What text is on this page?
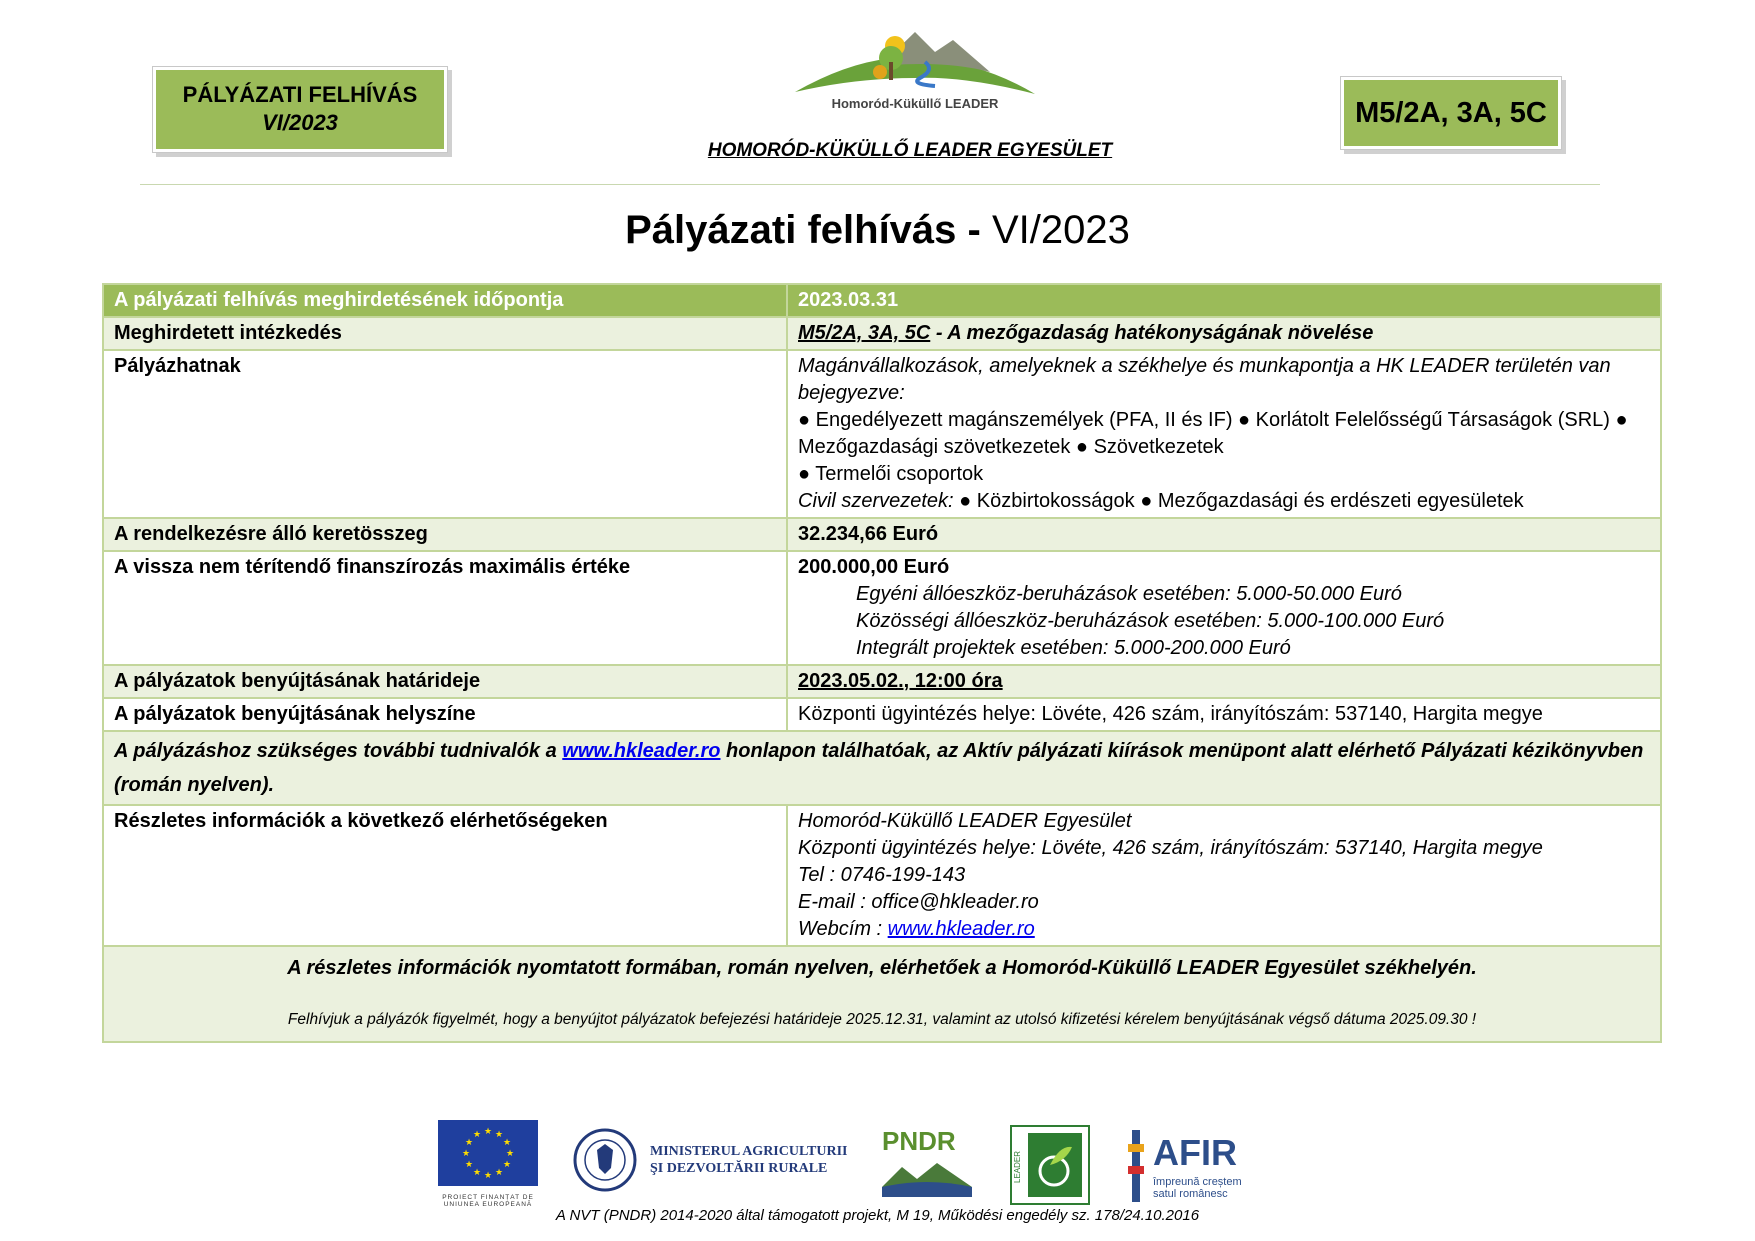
PÁLYÁZATI FELHÍVÁS
VI/2023
Homoród-Küküllő LEADER
HOMORÓD-KÜKÜLLŐ LEADER EGYESÜLET
M5/2A, 3A, 5C
Pályázati felhívás - VI/2023
A pályázati felhívás meghirdetésének időpontja	2023.03.31
Meghirdetett intézkedés	M5/2A, 3A, 5C - A mezőgazdaság hatékonyságának növelése
Pályázhatnak	Magánvállalkozások, amelyeknek a székhelye és munkapontja a HK LEADER területén van bejegyezve:
● Engedélyezett magánszemélyek (PFA, II és IF) ● Korlátolt Felelősségű Társaságok (SRL) ● Mezőgazdasági szövetkezetek ● Szövetkezetek
● Termelői csoportok
Civil szervezetek: ● Közbirtokosságok ● Mezőgazdasági és erdészeti egyesületek

A rendelkezésre álló keretösszeg	32.234,66 Euró
A vissza nem térítendő finanszírozás maximális értéke	200.000,00 Euró
Egyéni állóeszköz-beruházások esetében: 5.000-50.000 Euró
Közösségi állóeszköz-beruházások esetében: 5.000-100.000 Euró
Integrált projektek esetében: 5.000-200.000 Euró

A pályázatok benyújtásának határideje	2023.05.02., 12:00 óra
A pályázatok benyújtásának helyszíne	Központi ügyintézés helye: Lövéte, 426 szám, irányítószám: 537140, Hargita megye
A pályázáshoz szükséges további tudnivalók a www.hkleader.ro honlapon találhatóak, az Aktív pályázati kiírások menüpont alatt elérhető Pályázati kézikönyvben (román nyelven).	
Részletes információk a következő elérhetőségeken	Homoród-Küküllő LEADER Egyesület
Központi ügyintézés helye: Lövéte, 426 szám, irányítószám: 537140, Hargita megye
Tel : 0746-199-143
E-mail : office@hkleader.ro
Webcím : www.hkleader.ro

A részletes információk nyomtatott formában, román nyelven, elérhetőek a Homoród-Küküllő LEADER Egyesület székhelyén.
Felhívjuk a pályázók figyelmét, hogy a benyújtot pályázatok befejezési határideje 2025.12.31, valamint az utolsó kifizetési kérelem benyújtásának végső dátuma 2025.09.30 !	
★ ★
★
★
★
★
★
★
★
★
★
★
PROIECT FINANȚAT DE UNIUNEA EUROPEANĂ
MINISTERUL AGRICULTURII
ŞI DEZVOLTĂRII RURALE
PNDR
LEADER	AFIR
împreună creștem
satul românesc
A NVT (PNDR) 2014-2020 által támogatott projekt, M 19, Működési engedély sz. 178/24.10.2016
